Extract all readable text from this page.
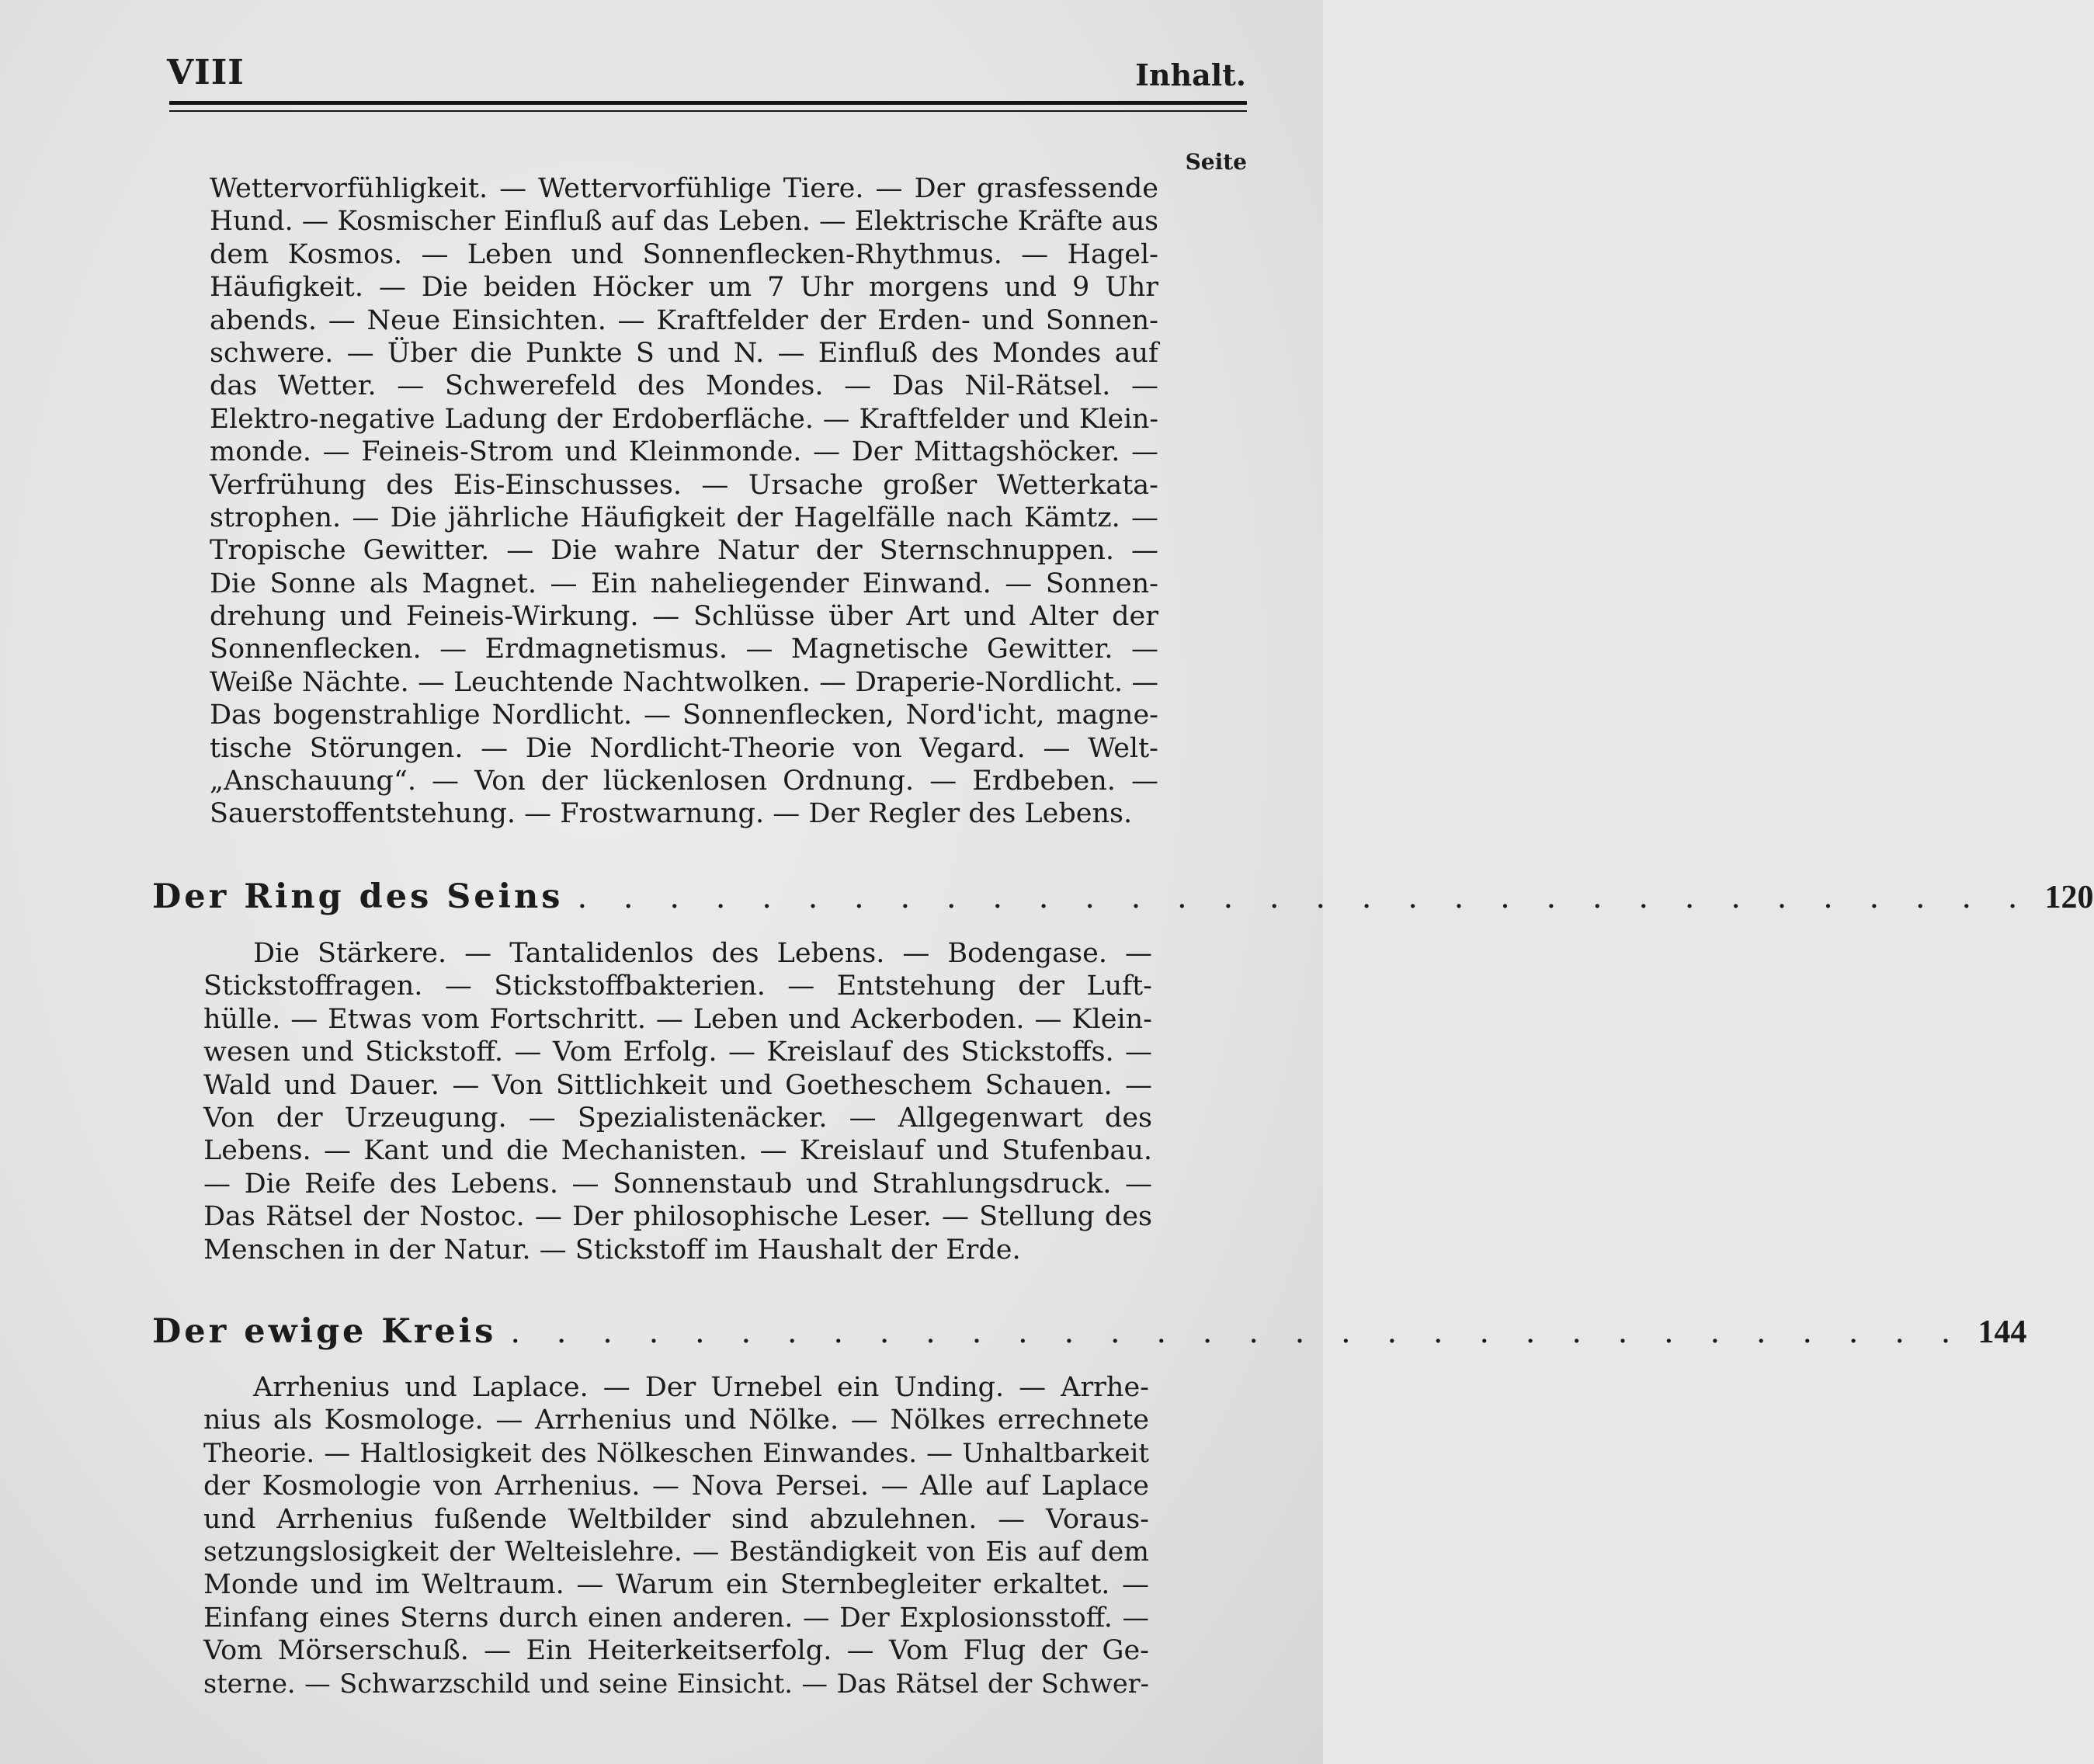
VIII	Inhalt.
Seite
Wettervorfühligkeit. — Wettervorfühlige Tiere. — Der grasfessende
Hund. — Kosmischer Einfluß auf das Leben. — Elektrische Kräfte aus
dem Kosmos. — Leben und Sonnenflecken-Rhythmus. — Hagel-
Häufigkeit. — Die beiden Höcker um 7 Uhr morgens und 9 Uhr
abends. — Neue Einsichten. — Kraftfelder der Erden- und Sonnen-
schwere. — Über die Punkte S und N. — Einfluß des Mondes auf
das Wetter. — Schwerefeld des Mondes. — Das Nil-Rätsel. —
Elektro-negative Ladung der Erdoberfläche. — Kraftfelder und Klein-
monde. — Feineis-Strom und Kleinmonde. — Der Mittagshöcker. —
Verfrühung des Eis-Einschusses. — Ursache großer Wetterkata-
strophen. — Die jährliche Häufigkeit der Hagelfälle nach Kämtz. —
Tropische Gewitter. — Die wahre Natur der Sternschnuppen. —
Die Sonne als Magnet. — Ein naheliegender Einwand. — Sonnen-
drehung und Feineis-Wirkung. — Schlüsse über Art und Alter der
Sonnenflecken. — Erdmagnetismus. — Magnetische Gewitter. —
Weiße Nächte. — Leuchtende Nachtwolken. — Draperie-Nordlicht. —
Das bogenstrahlige Nordlicht. — Sonnenflecken, Nord'icht, magne-
tische Störungen. — Die Nordlicht-Theorie von Vegard. — Welt-
„Anschauung“. — Von der lückenlosen Ordnung. — Erdbeben. —
Sauerstoffentstehung. — Frostwarnung. — Der Regler des Lebens.
Der Ring des Seins . . . . . . . . . . . . . . . . . . . . . . . . . . . . . . . . 120
Die Stärkere. — Tantalidenlos des Lebens. — Bodengase. —
Stickstoffragen. — Stickstoffbakterien. — Entstehung der Luft-
hülle. — Etwas vom Fortschritt. — Leben und Ackerboden. — Klein-
wesen und Stickstoff. — Vom Erfolg. — Kreislauf des Stickstoffs. —
Wald und Dauer. — Von Sittlichkeit und Goetheschem Schauen. —
Von der Urzeugung. — Spezialistenäcker. — Allgegenwart des
Lebens. — Kant und die Mechanisten. — Kreislauf und Stufenbau.
— Die Reife des Lebens. — Sonnenstaub und Strahlungsdruck. —
Das Rätsel der Nostoc. — Der philosophische Leser. — Stellung des
Menschen in der Natur. — Stickstoff im Haushalt der Erde.
Der ewige Kreis . . . . . . . . . . . . . . . . . . . . . . . . . . . . . . . . 144
Arrhenius und Laplace. — Der Urnebel ein Unding. — Arrhe-
nius als Kosmologe. — Arrhenius und Nölke. — Nölkes errechnete
Theorie. — Haltlosigkeit des Nölkeschen Einwandes. — Unhaltbarkeit
der Kosmologie von Arrhenius. — Nova Persei. — Alle auf Laplace
und Arrhenius fußende Weltbilder sind abzulehnen. — Voraus-
setzungslosigkeit der Welteislehre. — Beständigkeit von Eis auf dem
Monde und im Weltraum. — Warum ein Sternbegleiter erkaltet. —
Einfang eines Sterns durch einen anderen. — Der Explosionsstoff. —
Vom Mörserschuß. — Ein Heiterkeitserfolg. — Vom Flug der Ge-
sterne. — Schwarzschild und seine Einsicht. — Das Rätsel der Schwer-
